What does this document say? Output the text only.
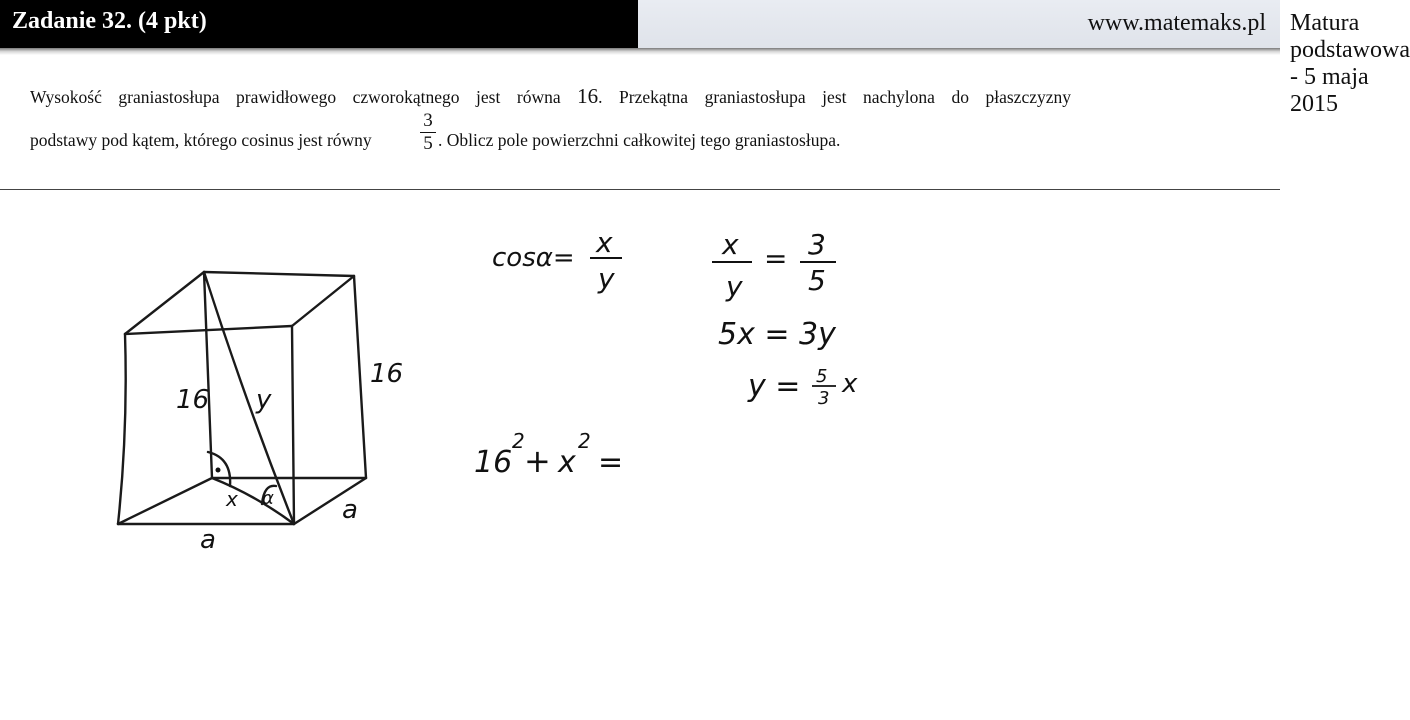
Zadanie 32. (4 pkt)	Matura podstawowa - 5 maja 2015
www.matemaks.pl
Wysokość graniastosłupa prawidłowego czworokątnego jest równa 16. Przekątna graniastosłupa jest nachylona do płaszczyzny
podstawy pod kątem, którego cosinus jest równy	$\frac{3}{5}$ . Oblicz pole powierzchni całkowitej tego graniastosłupa.
16
16
y
x α
a
a
cosα= x
y
x
y
= 3
5
5x = 3y
y = 5
3 x
16
2
+ x
2
=
